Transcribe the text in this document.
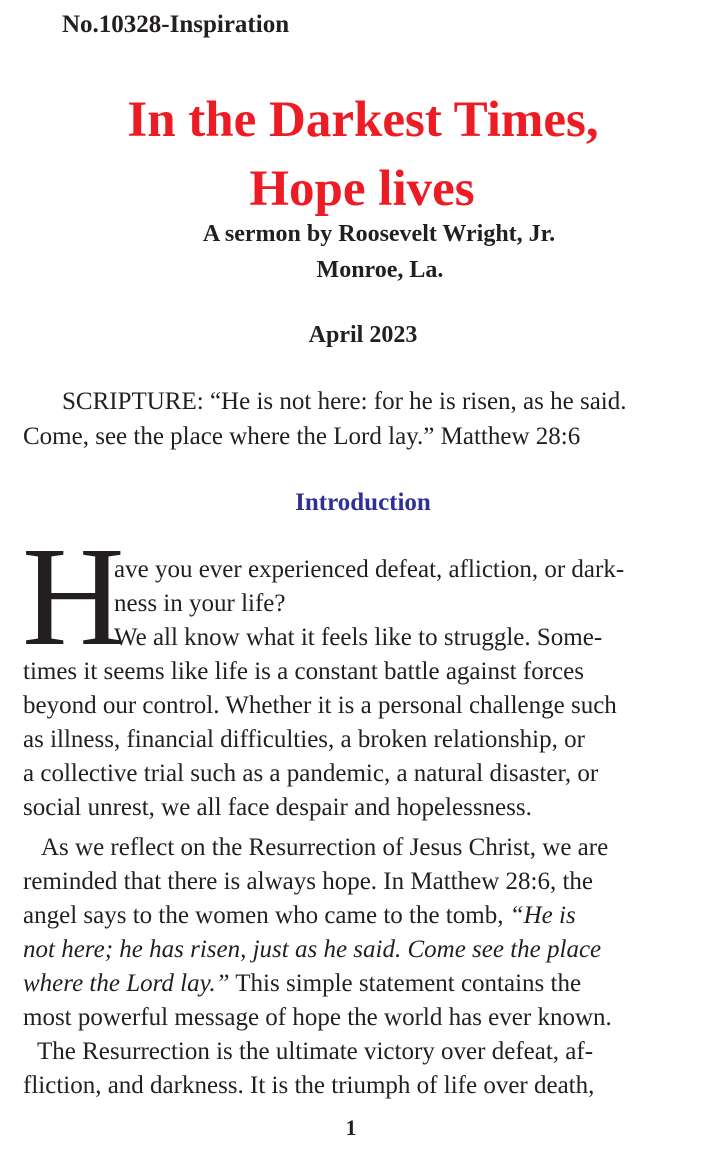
No.10328-Inspiration
In the Darkest Times,
Hope lives
A sermon by Roosevelt Wright, Jr.
Monroe, La.
April 2023
SCRIPTURE: “He is not here: for he is risen, as he said.
Come, see the place where the Lord lay.” Matthew 28:6
Introduction
H
ave you ever experienced defeat, afliction, or dark-
ness in your life?
We all know what it feels like to struggle. Some-
times it seems like life is a constant battle against forces
beyond our control. Whether it is a personal challenge such
as illness, financial difficulties, a broken relationship, or
a collective trial such as a pandemic, a natural disaster, or
social unrest, we all face despair and hopelessness.
As we reflect on the Resurrection of Jesus Christ, we are
reminded that there is always hope. In Matthew 28:6, the
angel says to the women who came to the tomb, “He is
not here; he has risen, just as he said. Come see the place
where the Lord lay.” This simple statement contains the
most powerful message of hope the world has ever known.
The Resurrection is the ultimate victory over defeat, af-
fliction, and darkness. It is the triumph of life over death,
1
